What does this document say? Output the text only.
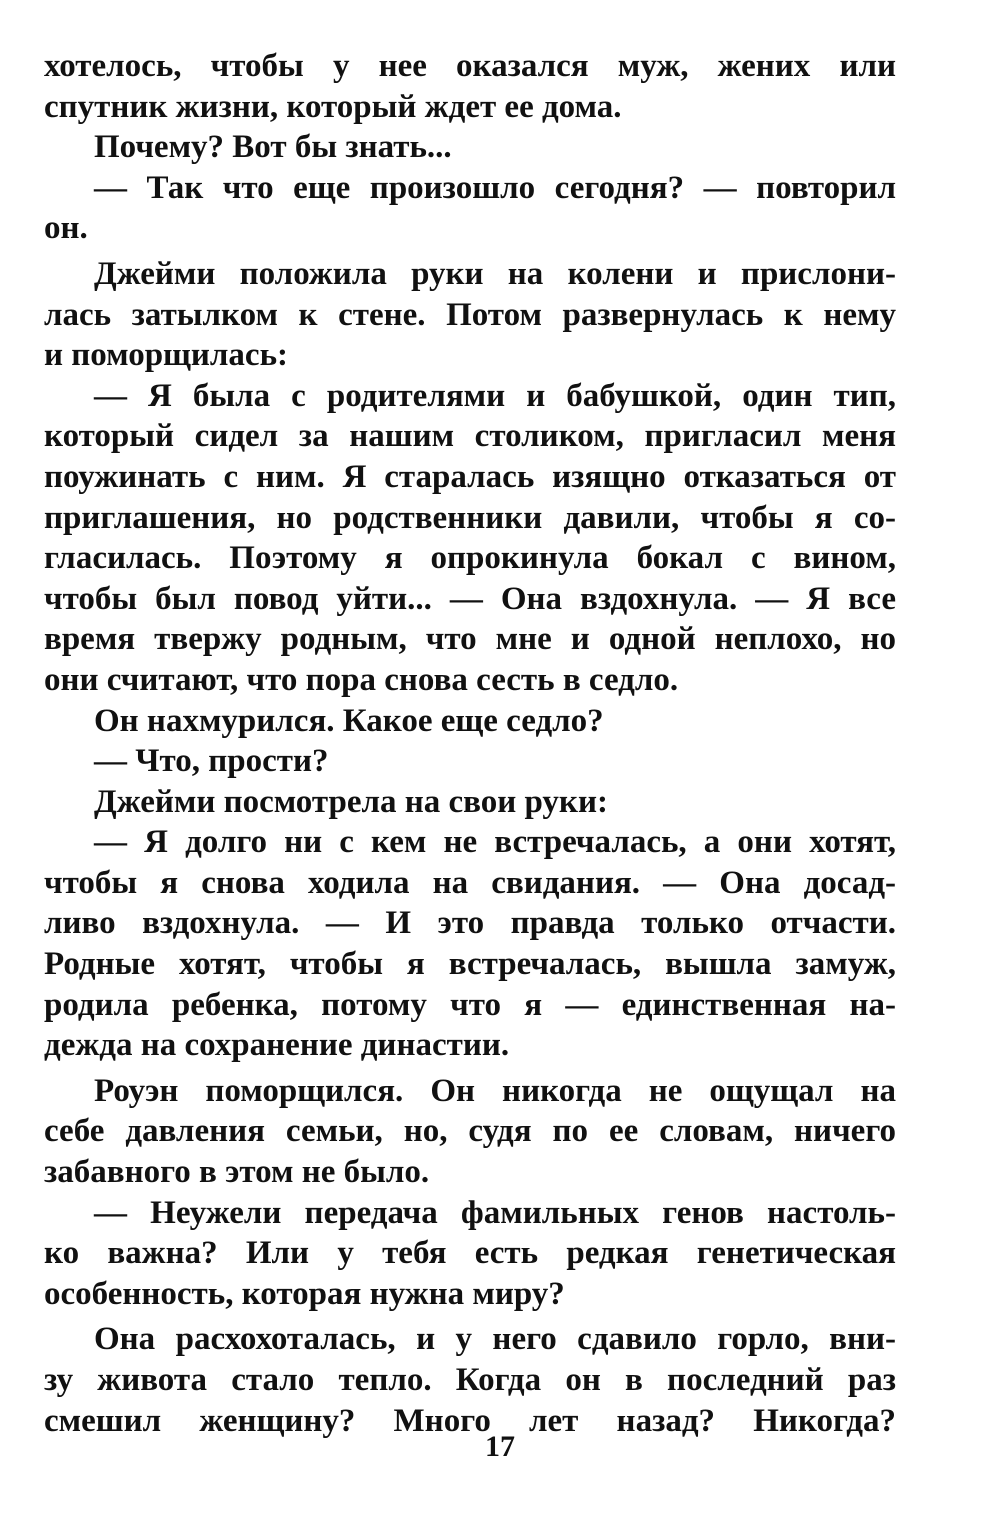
хотелось, чтобы у нее оказался муж, жених или
спутник жизни, который ждет ее дома.
Почему? Вот бы знать...
— Так что еще произошло сегодня? — повторил
он.
Джейми положила руки на колени и прислони-
лась затылком к стене. Потом развернулась к нему
и поморщилась:
— Я была с родителями и бабушкой, один тип,
который сидел за нашим столиком, пригласил меня
поужинать с ним. Я старалась изящно отказаться от
приглашения, но родственники давили, чтобы я со-
гласилась. Поэтому я опрокинула бокал с вином,
чтобы был повод уйти... — Она вздохнула. — Я все
время твержу родным, что мне и одной неплохо, но
они считают, что пора снова сесть в седло.
Он нахмурился. Какое еще седло?
— Что, прости?
Джейми посмотрела на свои руки:
— Я долго ни с кем не встречалась, а они хотят,
чтобы я снова ходила на свидания. — Она досад-
ливо вздохнула. — И это правда только отчасти.
Родные хотят, чтобы я встречалась, вышла замуж,
родила ребенка, потому что я — единственная на-
дежда на сохранение династии.
Роуэн поморщился. Он никогда не ощущал на
себе давления семьи, но, судя по ее словам, ничего
забавного в этом не было.
— Неужели передача фамильных генов настоль-
ко важна? Или у тебя есть редкая генетическая
особенность, которая нужна миру?
Она расхохоталась, и у него сдавило горло, вни-
зу живота стало тепло. Когда он в последний раз
смешил женщину? Много лет назад? Никогда?
17
